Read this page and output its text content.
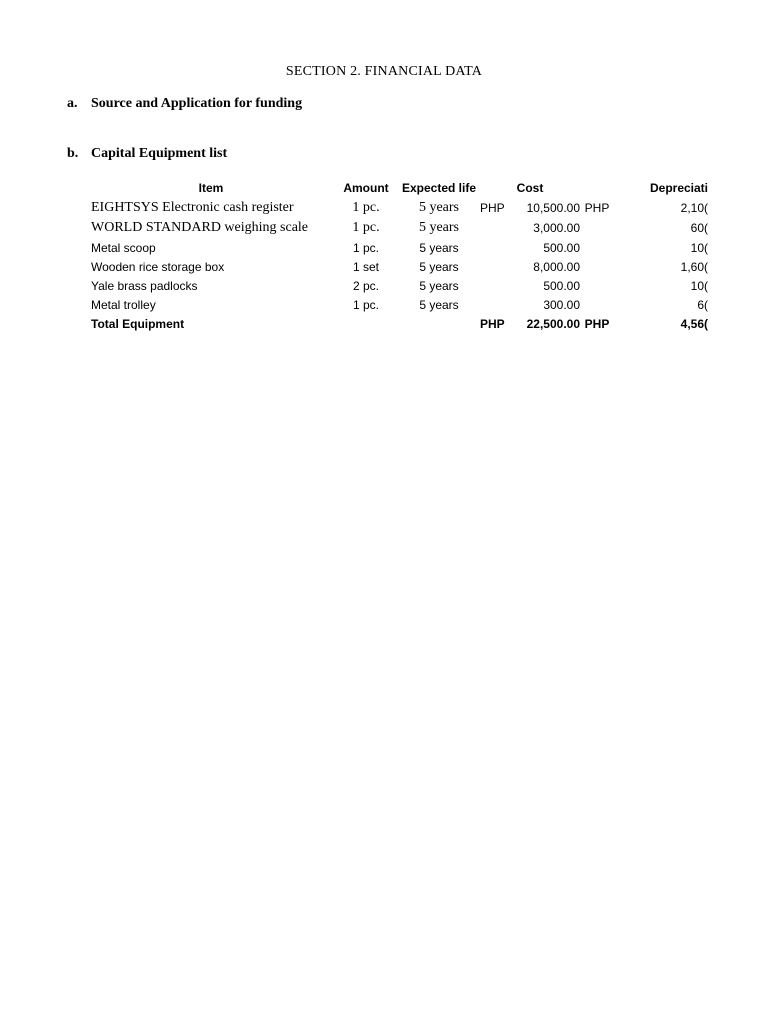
SECTION 2. FINANCIAL DATA
a. Source and Application for funding
b. Capital Equipment list
Item	Amount	Expected life	Cost		Depreciati	
EIGHTSYS Electronic cash register	1 pc.	5 years	PHP	10,500.00	PHP	2,10(
WORLD STANDARD weighing scale	1 pc.	5 years		3,000.00		60(
Metal scoop	1 pc.	5 years		500.00		10(
Wooden rice storage box	1 set	5 years		8,000.00		1,60(
Yale brass padlocks	2 pc.	5 years		500.00		10(
Metal trolley	1 pc.	5 years		300.00		6(
Total Equipment			PHP	22,500.00	PHP	4,56(
